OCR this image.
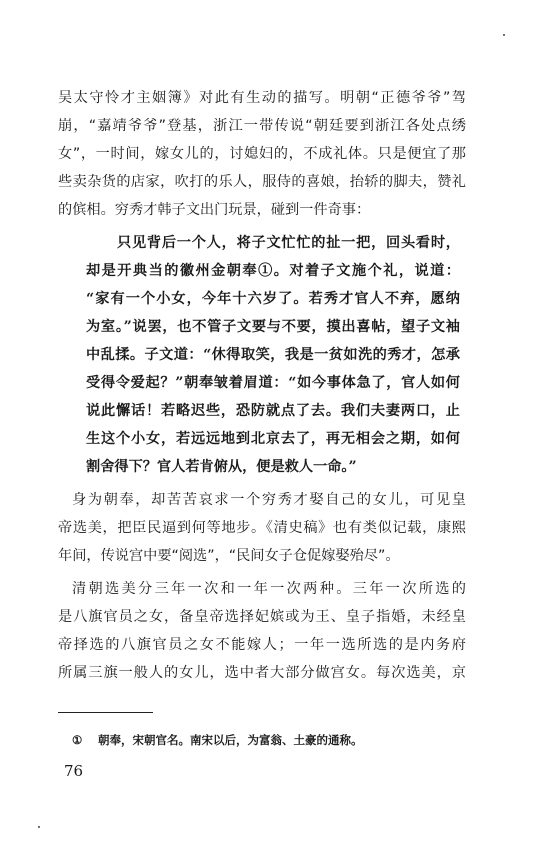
吴太守怜才主姻簿》对此有生动的描写。明朝“正德爷爷”驾
崩，“嘉靖爷爷”登基，浙江一带传说“朝廷要到浙江各处点绣
女”，一时间，嫁女儿的，讨媳妇的，不成礼体。只是便宜了那
些卖杂货的店家，吹打的乐人，服侍的喜娘，抬轿的脚夫，赞礼
的傧相。穷秀才韩子文出门玩景，碰到一件奇事：
只见背后一个人，将子文忙忙的扯一把，回头看时，
却是开典当的徽州金朝奉①。对着子文施个礼，说道：
“家有一个小女，今年十六岁了。若秀才官人不弃，愿纳
为室。”说罢，也不管子文要与不要，摸出喜帖，望子文袖
中乱揉。子文道：“休得取笑，我是一贫如洗的秀才，怎承
受得令爱起？”朝奉皱着眉道：“如今事体急了，官人如何
说此懈话！若略迟些，恐防就点了去。我们夫妻两口，止
生这个小女，若远远地到北京去了，再无相会之期，如何
割舍得下？官人若肯俯从，便是救人一命。”
身为朝奉，却苦苦哀求一个穷秀才娶自己的女儿，可见皇
帝选美，把臣民逼到何等地步。《清史稿》也有类似记载，康熙
年间，传说宫中要“阅选”，“民间女子仓促嫁娶殆尽”。
清朝选美分三年一次和一年一次两种。三年一次所选的
是八旗官员之女，备皇帝选择妃嫔或为王、皇子指婚，未经皇
帝择选的八旗官员之女不能嫁人；一年一选所选的是内务府
所属三旗一般人的女儿，选中者大部分做宫女。每次选美，京
① 朝奉，宋朝官名。南宋以后，为富翁、土豪的通称。
76
